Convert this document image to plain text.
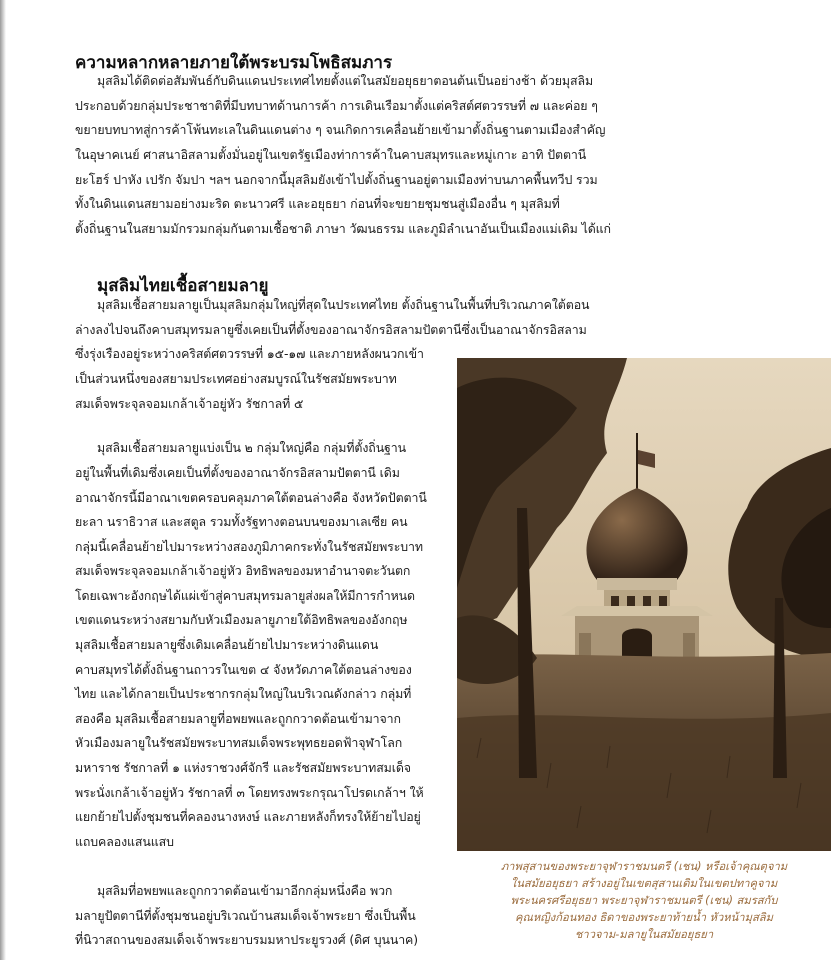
ความหลากหลายภายใต้พระบรมโพธิสมภาร

มุสลิมได้ติดต่อสัมพันธ์กับดินแดนประเทศไทยตั้งแต่ในสมัยอยุธยาตอนต้นเป็นอย่างช้า ด้วยมุสลิม

ประกอบด้วยกลุ่มประชาชาติที่มีบทบาทด้านการค้า การเดินเรือมาตั้งแต่คริสต์ศตวรรษที่ ๗ และค่อย ๆ

ขยายบทบาทสู่การค้าโพ้นทะเลในดินแดนต่าง ๆ จนเกิดการเคลื่อนย้ายเข้ามาตั้งถิ่นฐานตามเมืองสำคัญ

ในอุษาคเนย์ ศาสนาอิสลามตั้งมั่นอยู่ในเขตรัฐเมืองท่าการค้าในคาบสมุทรและหมู่เกาะ อาทิ ปัตตานี

ยะโฮร์ ปาหัง เปรัก จัมปา ฯลฯ นอกจากนี้มุสลิมยังเข้าไปตั้งถิ่นฐานอยู่ตามเมืองท่าบนภาคพื้นทวีป รวม

ทั้งในดินแดนสยามอย่างมะริด ตะนาวศรี และอยุธยา ก่อนที่จะขยายชุมชนสู่เมืองอื่น ๆ มุสลิมที่

ตั้งถิ่นฐานในสยามมักรวมกลุ่มกันตามเชื้อชาติ ภาษา วัฒนธรรม และภูมิลำเนาอันเป็นเมืองแม่เดิม ได้แก่

มุสลิมไทยเชื้อสายมลายู

มุสลิมเชื้อสายมลายูเป็นมุสลิมกลุ่มใหญ่ที่สุดในประเทศไทย ตั้งถิ่นฐานในพื้นที่บริเวณภาคใต้ตอน

ล่างลงไปจนถึงคาบสมุทรมลายูซึ่งเคยเป็นที่ตั้งของอาณาจักรอิสลามปัตตานีซึ่งเป็นอาณาจักรอิสลาม

ซึ่งรุ่งเรืองอยู่ระหว่างคริสต์ศตวรรษที่ ๑๕-๑๗ และภายหลังผนวกเข้า

เป็นส่วนหนึ่งของสยามประเทศอย่างสมบูรณ์ในรัชสมัยพระบาท

สมเด็จพระจุลจอมเกล้าเจ้าอยู่หัว รัชกาลที่ ๕

มุสลิมเชื้อสายมลายูแบ่งเป็น ๒ กลุ่มใหญ่คือ กลุ่มที่ตั้งถิ่นฐาน

อยู่ในพื้นที่เดิมซึ่งเคยเป็นที่ตั้งของอาณาจักรอิสลามปัตตานี เดิม

อาณาจักรนี้มีอาณาเขตครอบคลุมภาคใต้ตอนล่างคือ จังหวัดปัตตานี

ยะลา นราธิวาส และสตูล รวมทั้งรัฐทางตอนบนของมาเลเซีย คน

กลุ่มนี้เคลื่อนย้ายไปมาระหว่างสองภูมิภาคกระทั่งในรัชสมัยพระบาท

สมเด็จพระจุลจอมเกล้าเจ้าอยู่หัว อิทธิพลของมหาอำนาจตะวันตก

โดยเฉพาะอังกฤษได้แผ่เข้าสู่คาบสมุทรมลายูส่งผลให้มีการกำหนด

เขตแดนระหว่างสยามกับหัวเมืองมลายูภายใต้อิทธิพลของอังกฤษ

มุสลิมเชื้อสายมลายูซึ่งเดิมเคลื่อนย้ายไปมาระหว่างดินแดน

คาบสมุทรได้ตั้งถิ่นฐานถาวรในเขต ๔ จังหวัดภาคใต้ตอนล่างของ

ไทย และได้กลายเป็นประชากรกลุ่มใหญ่ในบริเวณดังกล่าว กลุ่มที่

สองคือ มุสลิมเชื้อสายมลายูที่อพยพและถูกกวาดต้อนเข้ามาจาก

หัวเมืองมลายูในรัชสมัยพระบาทสมเด็จพระพุทธยอดฟ้าจุฬาโลก

มหาราช รัชกาลที่ ๑ แห่งราชวงศ์จักรี และรัชสมัยพระบาทสมเด็จ

พระนั่งเกล้าเจ้าอยู่หัว รัชกาลที่ ๓ โดยทรงพระกรุณาโปรดเกล้าฯ ให้

แยกย้ายไปตั้งชุมชนที่คลองนางหงษ์ และภายหลังก็ทรงให้ย้ายไปอยู่

แถบคลองแสนแสบ

มุสลิมที่อพยพและถูกกวาดต้อนเข้ามาอีกกลุ่มหนึ่งคือ พวก

มลายูปัตตานีที่ตั้งชุมชนอยู่บริเวณบ้านสมเด็จเจ้าพระยา ซึ่งเป็นพื้น

ที่นิวาสถานของสมเด็จเจ้าพระยาบรมมหาประยูรวงศ์ (ดิศ บุนนาค)

ภาพสุสานของพระยาจุฬาราชมนตรี (เชน) หรือเจ้าคุณตุจาม

ในสมัยอยุธยา สร้างอยู่ในเขตสุสานเดิมในเขตปทาคูจาม

พระนครศรีอยุธยา พระยาจุฬาราชมนตรี (เชน) สมรสกับ

คุณหญิงก้อนทอง ธิดาของพระยาท้ายน้ำ หัวหน้ามุสลิม

ชาวจาม-มลายูในสมัยอยุธยา
